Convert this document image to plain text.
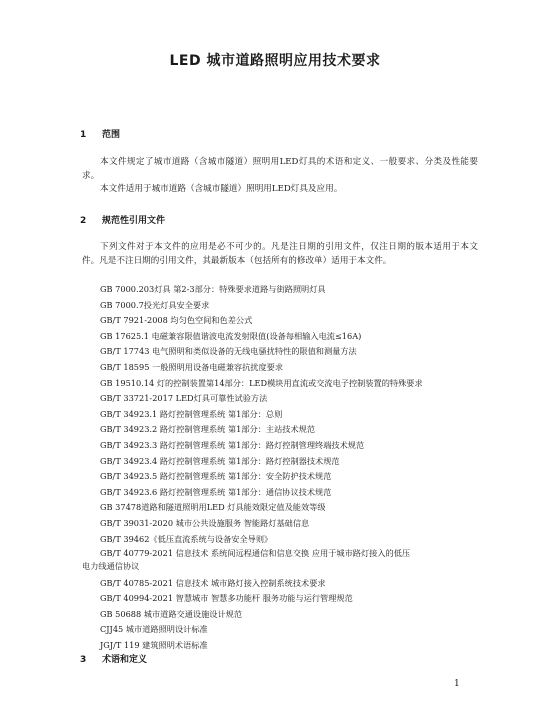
LED 城市道路照明应用技术要求
1 范围
本文件规定了城市道路（含城市隧道）照明用LED灯具的术语和定义、一般要求、分类及性能要求。
本文件适用于城市道路（含城市隧道）照明用LED灯具及应用。
2 规范性引用文件
下列文件对于本文件的应用是必不可少的。凡是注日期的引用文件，仅注日期的版本适用于本文件。凡是不注日期的引用文件，其最新版本（包括所有的修改单）适用于本文件。
GB 7000.203灯具 第2-3部分：特殊要求道路与街路照明灯具
GB 7000.7投光灯具安全要求
GB/T 7921-2008 均匀色空间和色差公式
GB 17625.1 电磁兼容限值谐波电流发射限值(设备每相输入电流≤16A)
GB/T 17743 电气照明和类似设备的无线电骚扰特性的限值和测量方法
GB/T 18595 一般照明用设备电磁兼容抗扰度要求
GB 19510.14 灯的控制装置第14部分：LED模块用直流或交流电子控制装置的特殊要求
GB/T 33721-2017 LED灯具可靠性试验方法
GB/T 34923.1 路灯控制管理系统 第1部分：总则
GB/T 34923.2 路灯控制管理系统 第1部分：主站技术规范
GB/T 34923.3 路灯控制管理系统 第1部分：路灯控制管理终端技术规范
GB/T 34923.4 路灯控制管理系统 第1部分：路灯控制器技术规范
GB/T 34923.5 路灯控制管理系统 第1部分：安全防护技术规范
GB/T 34923.6 路灯控制管理系统 第1部分：通信协议技术规范
GB 37478道路和隧道照明用LED 灯具能效限定值及能效等级
GB/T 39031-2020 城市公共设施服务 智能路灯基础信息
GB/T 39462《低压直流系统与设备安全导则》
GB/T 40779-2021 信息技术 系统间远程通信和信息交换 应用于城市路灯接入的低压
电力线通信协议
GB/T 40785-2021 信息技术 城市路灯接入控制系统技术要求
GB/T 40994-2021 智慧城市 智慧多功能杆 服务功能与运行管理规范
GB 50688 城市道路交通设施设计规范
CJJ45 城市道路照明设计标准
JGJ/T 119 建筑照明术语标准
3 术语和定义
1
